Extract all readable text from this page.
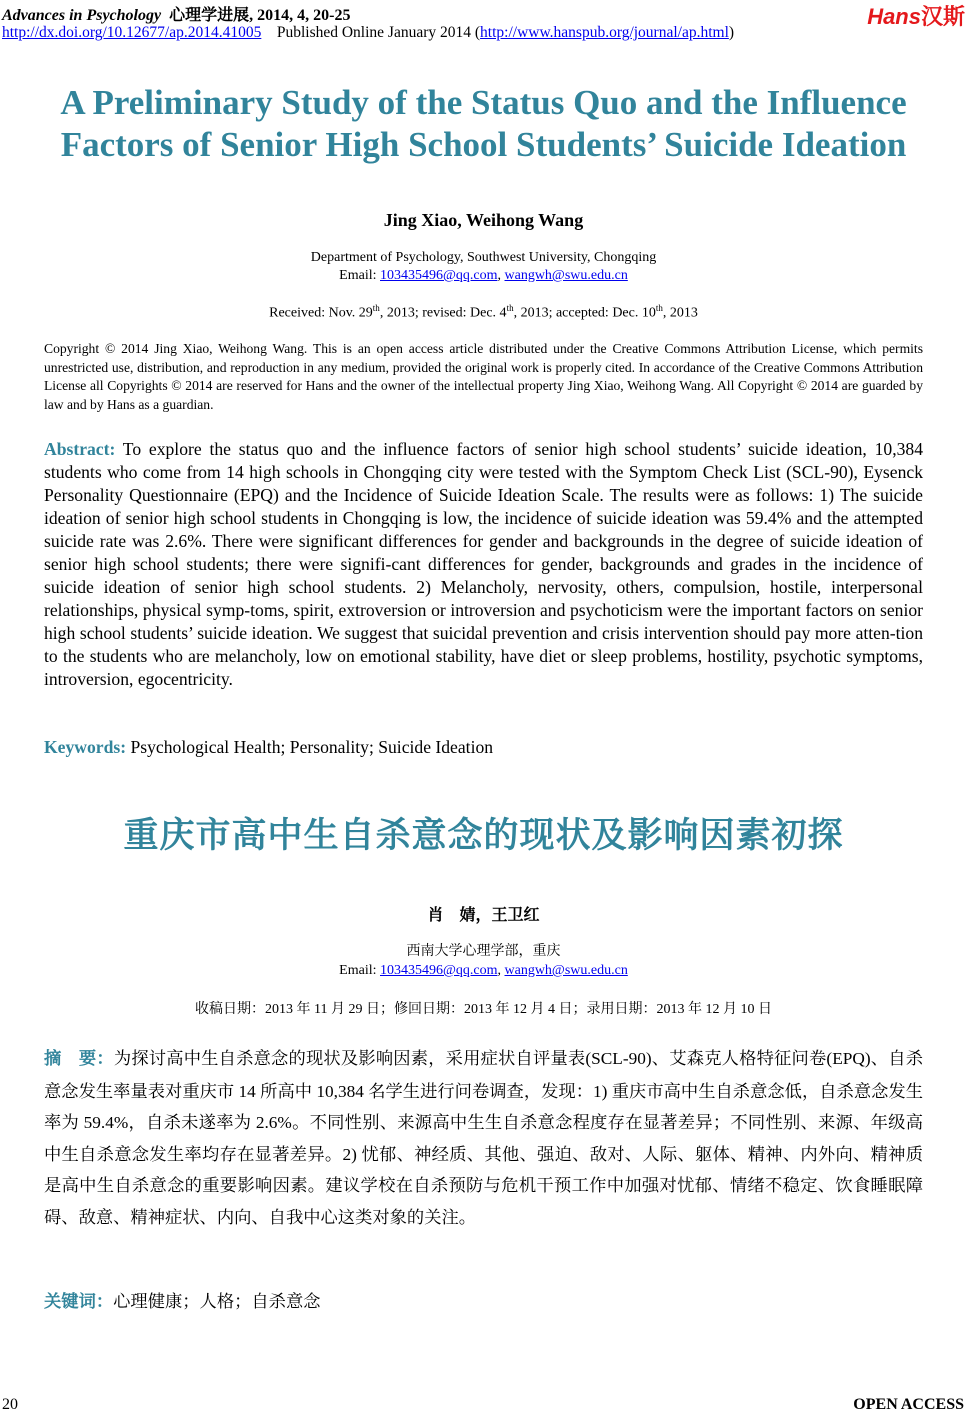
Advances in Psychology 心理学进展, 2014, 4, 20-25
http://dx.doi.org/10.12677/ap.2014.41005 Published Online January 2014 (http://www.hanspub.org/journal/ap.html)
Hans汉斯
A Preliminary Study of the Status Quo and the Influence
Factors of Senior High School Students’ Suicide Ideation
Jing Xiao, Weihong Wang
Department of Psychology, Southwest University, Chongqing
Email: 103435496@qq.com, wangwh@swu.edu.cn
Received: Nov. 29th, 2013; revised: Dec. 4th, 2013; accepted: Dec. 10th, 2013
Copyright © 2014 Jing Xiao, Weihong Wang. This is an open access article distributed under the Creative Commons Attribution License, which permits unrestricted use, distribution, and reproduction in any medium, provided the original work is properly cited. In accordance of the Creative Commons Attribution License all Copyrights © 2014 are reserved for Hans and the owner of the intellectual property Jing Xiao, Weihong Wang. All Copyright © 2014 are guarded by law and by Hans as a guardian.
Abstract: To explore the status quo and the influence factors of senior high school students’ suicide ideation, 10,384 students who come from 14 high schools in Chongqing city were tested with the Symptom Check List (SCL-90), Eysenck Personality Questionnaire (EPQ) and the Incidence of Suicide Ideation Scale. The results were as follows: 1) The suicide ideation of senior high school students in Chongqing is low, the incidence of suicide ideation was 59.4% and the attempted suicide rate was 2.6%. There were significant differences for gender and backgrounds in the degree of suicide ideation of senior high school students; there were signifi-cant differences for gender, backgrounds and grades in the incidence of suicide ideation of senior high school students. 2) Melancholy, nervosity, others, compulsion, hostile, interpersonal relationships, physical symp-toms, spirit, extroversion or introversion and psychoticism were the important factors on senior high school students’ suicide ideation. We suggest that suicidal prevention and crisis intervention should pay more atten-tion to the students who are melancholy, low on emotional stability, have diet or sleep problems, hostility, psychotic symptoms, introversion, egocentricity.
Keywords: Psychological Health; Personality; Suicide Ideation
重庆市高中生自杀意念的现状及影响因素初探
肖　婧，王卫红
西南大学心理学部，重庆
Email: 103435496@qq.com, wangwh@swu.edu.cn
收稿日期：2013 年 11 月 29 日；修回日期：2013 年 12 月 4 日；录用日期：2013 年 12 月 10 日
摘　要：为探讨高中生自杀意念的现状及影响因素，采用症状自评量表(SCL-90)、艾森克人格特征问卷(EPQ)、自杀意念发生率量表对重庆市 14 所高中 10,384 名学生进行问卷调查，发现：1) 重庆市高中生自杀意念低，自杀意念发生率为 59.4%，自杀未遂率为 2.6%。不同性别、来源高中生生自杀意念程度存在显著差异；不同性别、来源、年级高中生自杀意念发生率均存在显著差异。2) 忧郁、神经质、其他、强迫、敌对、人际、躯体、精神、内外向、精神质是高中生自杀意念的重要影响因素。建议学校在自杀预防与危机干预工作中加强对忧郁、情绪不稳定、饮食睡眠障碍、敌意、精神症状、内向、自我中心这类对象的关注。
关键词：心理健康；人格；自杀意念
20	OPEN ACCESS
